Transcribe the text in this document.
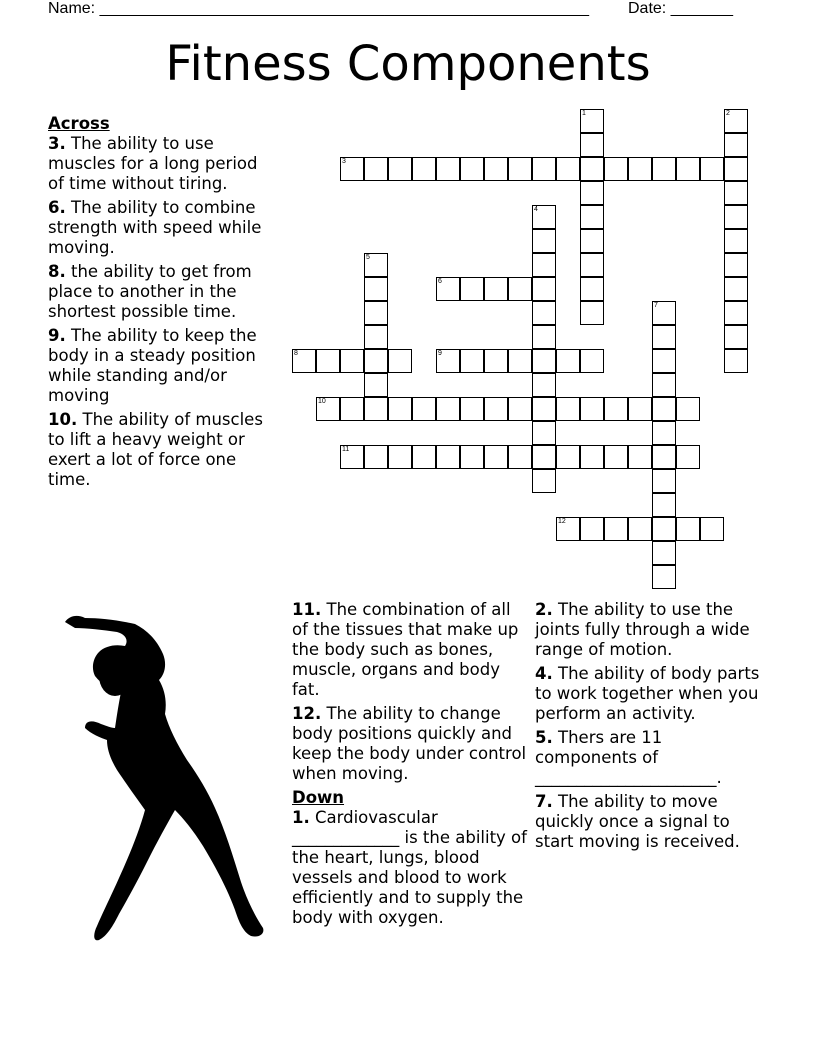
Name: _______________________________________________________ Date: _______
Fitness Components
Across
3. The ability to use muscles for a long period of time without tiring.
6. The ability to combine strength with speed while moving.
8. the ability to get from place to another in the shortest possible time.
9. The ability to keep the body in a steady position while standing and/or moving
10. The ability of muscles to lift a heavy weight or exert a lot of force one time.
11. The combination of all of the tissues that make up the body such as bones, muscle, organs and body fat.
12. The ability to change body positions quickly and keep the body under control when moving.
Down
1. Cardiovascular _____________ is the ability of the heart, lungs, blood vessels and blood to work efficiently and to supply the body with oxygen.
2. The ability to use the joints fully through a wide range of motion.
4. The ability of body parts to work together when you perform an activity.
5. Thers are 11 components of ______________________.
7. The ability to move quickly once a signal to start moving is received.
1	2
3
4
5
6
7
8	9
10
11
12
